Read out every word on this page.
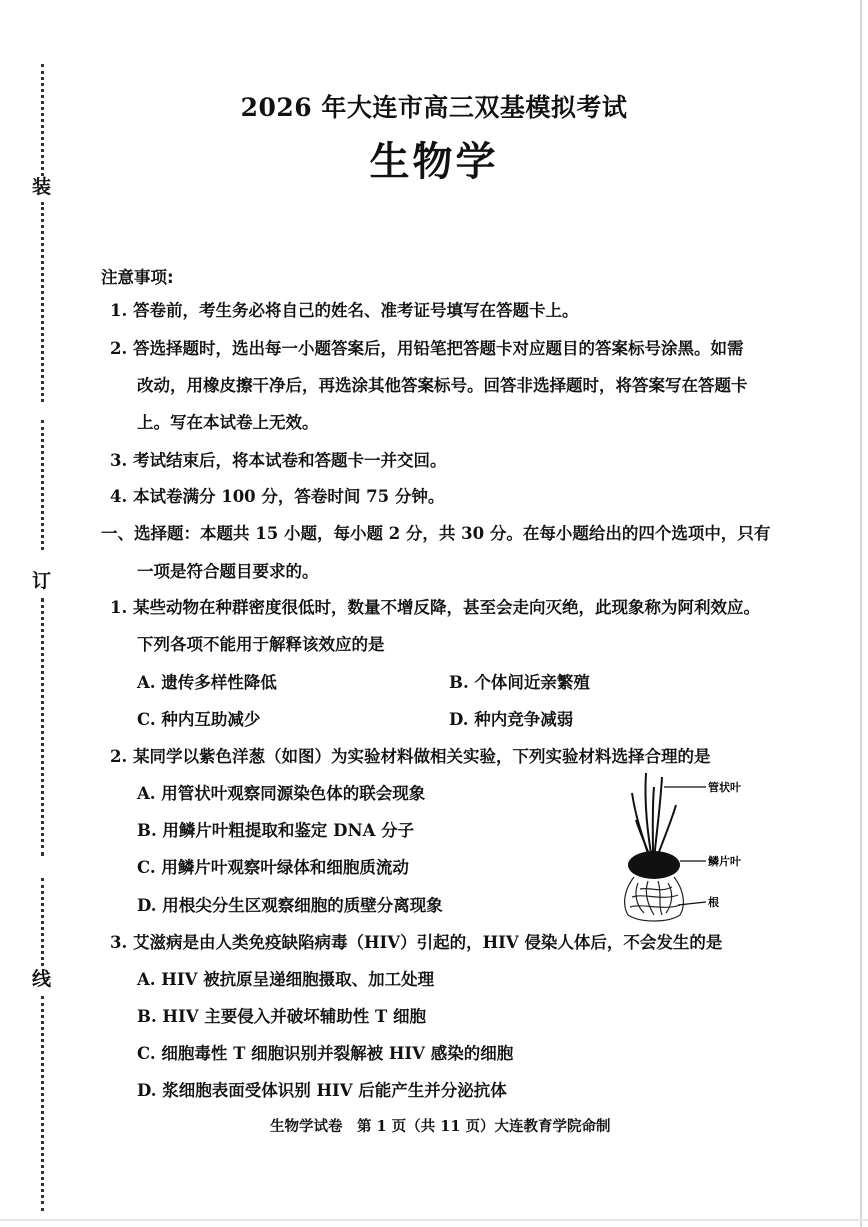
装
订
线
2026 年大连市高三双基模拟考试
生物学
注意事项:
1. 答卷前，考生务必将自己的姓名、准考证号填写在答题卡上。
2. 答选择题时，选出每一小题答案后，用铅笔把答题卡对应题目的答案标号涂黑。如需
改动，用橡皮擦干净后，再选涂其他答案标号。回答非选择题时，将答案写在答题卡
上。写在本试卷上无效。
3. 考试结束后，将本试卷和答题卡一并交回。
4. 本试卷满分 100 分，答卷时间 75 分钟。
一、选择题：本题共 15 小题，每小题 2 分，共 30 分。在每小题给出的四个选项中，只有
一项是符合题目要求的。
1. 某些动物在种群密度很低时，数量不增反降，甚至会走向灭绝，此现象称为阿利效应。
下列各项不能用于解释该效应的是
A. 遗传多样性降低	B. 个体间近亲繁殖
C. 种内互助减少	D. 种内竞争减弱
2. 某同学以紫色洋葱（如图）为实验材料做相关实验，下列实验材料选择合理的是
A. 用管状叶观察同源染色体的联会现象
B. 用鳞片叶粗提取和鉴定 DNA 分子
C. 用鳞片叶观察叶绿体和细胞质流动
D. 用根尖分生区观察细胞的质壁分离现象
管状叶
鳞片叶
根
3. 艾滋病是由人类免疫缺陷病毒（HIV）引起的，HIV 侵染人体后，不会发生的是
A. HIV 被抗原呈递细胞摄取、加工处理
B. HIV 主要侵入并破坏辅助性 T 细胞
C. 细胞毒性 T 细胞识别并裂解被 HIV 感染的细胞
D. 浆细胞表面受体识别 HIV 后能产生并分泌抗体
生物学试卷　第 1 页（共 11 页）大连教育学院命制
